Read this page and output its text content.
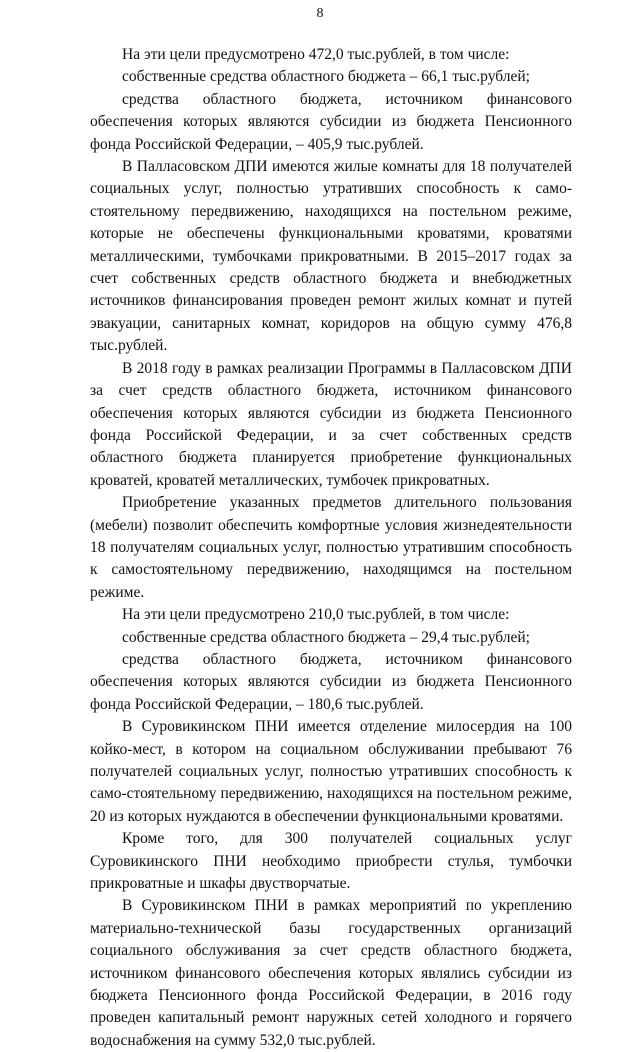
8

На эти цели предусмотрено 472,0 тыс.рублей, в том числе:

собственные средства областного бюджета – 66,1 тыс.рублей;

средства областного бюджета, источником финансового обеспечения которых являются субсидии из бюджета Пенсионного фонда Российской Федерации, – 405,9 тыс.рублей.

В Палласовском ДПИ имеются жилые комнаты для 18 получателей социальных услуг, полностью утративших способность к само-стоятельному передвижению, находящихся на постельном режиме, которые не обеспечены функциональными кроватями, кроватями металлическими, тумбочками прикроватными. В 2015–2017 годах за счет собственных средств областного бюджета и внебюджетных источников финансирования проведен ремонт жилых комнат и путей эвакуации, санитарных комнат, коридоров на общую сумму 476,8 тыс.рублей.

В 2018 году в рамках реализации Программы в Палласовском ДПИ за счет средств областного бюджета, источником финансового обеспечения которых являются субсидии из бюджета Пенсионного фонда Российской Федерации, и за счет собственных средств областного бюджета планируется приобретение функциональных кроватей, кроватей металлических, тумбочек прикроватных.

Приобретение указанных предметов длительного пользования (мебели) позволит обеспечить комфортные условия жизнедеятельности 18 получателям социальных услуг, полностью утратившим способность к самостоятельному передвижению, находящимся на постельном режиме.

На эти цели предусмотрено 210,0 тыс.рублей, в том числе:

собственные средства областного бюджета – 29,4 тыс.рублей;

средства областного бюджета, источником финансового обеспечения которых являются субсидии из бюджета Пенсионного фонда Российской Федерации, – 180,6 тыс.рублей.

В Суровикинском ПНИ имеется отделение милосердия на 100 койко-мест, в котором на социальном обслуживании пребывают 76 получателей социальных услуг, полностью утративших способность к само-стоятельному передвижению, находящихся на постельном режиме, 20 из которых нуждаются в обеспечении функциональными кроватями.

Кроме того, для 300 получателей социальных услуг Суровикинского ПНИ необходимо приобрести стулья, тумбочки прикроватные и шкафы двустворчатые.

В Суровикинском ПНИ в рамках мероприятий по укреплению материально-технической базы государственных организаций социального обслуживания за счет средств областного бюджета, источником финансового обеспечения которых являлись субсидии из бюджета Пенсионного фонда Российской Федерации, в 2016 году проведен капитальный ремонт наружных сетей холодного и горячего водоснабжения на сумму 532,0 тыс.рублей.
